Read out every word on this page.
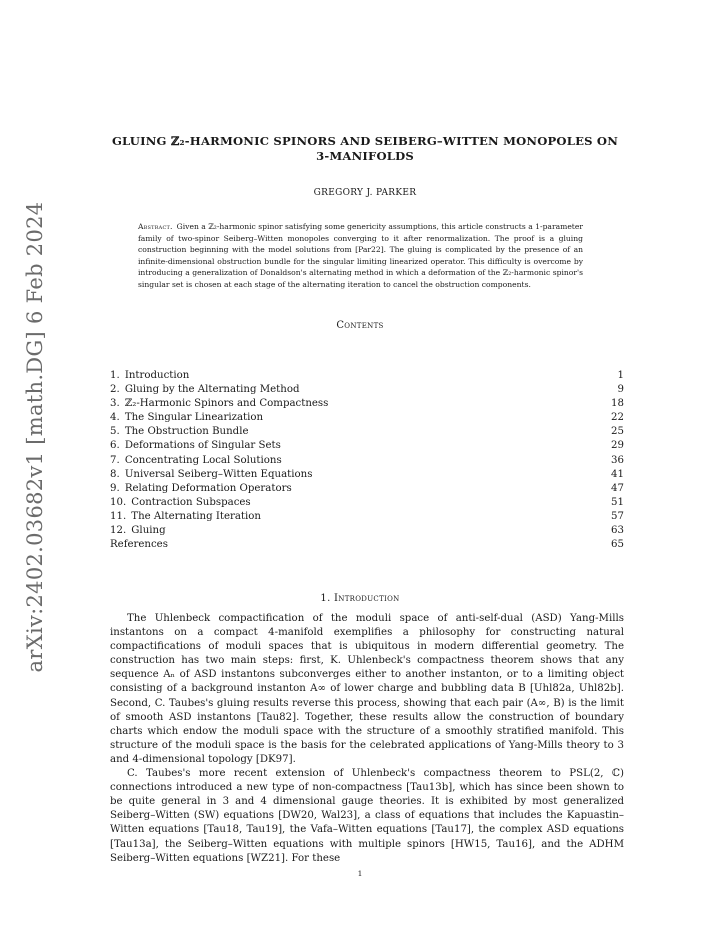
arXiv:2402.03682v1 [math.DG] 6 Feb 2024
GLUING ℤ₂-HARMONIC SPINORS AND SEIBERG–WITTEN MONOPOLES ON
3-MANIFOLDS
GREGORY J. PARKER
Abstract. Given a ℤ₂-harmonic spinor satisfying some genericity assumptions, this article constructs a 1-parameter family of two-spinor Seiberg–Witten monopoles converging to it after renormalization. The proof is a gluing construction beginning with the model solutions from [Par22]. The gluing is complicated by the presence of an infinite-dimensional obstruction bundle for the singular limiting linearized operator. This difficulty is overcome by introducing a generalization of Donaldson's alternating method in which a deformation of the ℤ₂-harmonic spinor's singular set is chosen at each stage of the alternating iteration to cancel the obstruction components.
Contents
1.  Introduction	1
2.  Gluing by the Alternating Method	9
3.  ℤ₂-Harmonic Spinors and Compactness	18
4.  The Singular Linearization	22
5.  The Obstruction Bundle	25
6.  Deformations of Singular Sets	29
7.  Concentrating Local Solutions	36
8.  Universal Seiberg–Witten Equations	41
9.  Relating Deformation Operators	47
10.  Contraction Subspaces	51
11.  The Alternating Iteration	57
12.  Gluing	63
References	65
1. Introduction

The Uhlenbeck compactification of the moduli space of anti-self-dual (ASD) Yang-Mills instantons on a compact 4-manifold exemplifies a philosophy for constructing natural compactifications of moduli spaces that is ubiquitous in modern differential geometry. The construction has two main steps: first, K. Uhlenbeck's compactness theorem shows that any sequence Aₙ of ASD instantons subconverges either to another instanton, or to a limiting object consisting of a background instanton A∞ of lower charge and bubbling data B [Uhl82a, Uhl82b]. Second, C. Taubes's gluing results reverse this process, showing that each pair (A∞, B) is the limit of smooth ASD instantons [Tau82]. Together, these results allow the construction of boundary charts which endow the moduli space with the structure of a smoothly stratified manifold. This structure of the moduli space is the basis for the celebrated applications of Yang-Mills theory to 3 and 4-dimensional topology [DK97].

C. Taubes's more recent extension of Uhlenbeck's compactness theorem to PSL(2, ℂ) connections introduced a new type of non-compactness [Tau13b], which has since been shown to be quite general in 3 and 4 dimensional gauge theories. It is exhibited by most generalized Seiberg–Witten (SW) equations [DW20, Wal23], a class of equations that includes the Kapuastin–Witten equations [Tau18, Tau19], the Vafa–Witten equations [Tau17], the complex ASD equations [Tau13a], the Seiberg–Witten equations with multiple spinors [HW15, Tau16], and the ADHM Seiberg–Witten equations [WZ21]. For these

1
